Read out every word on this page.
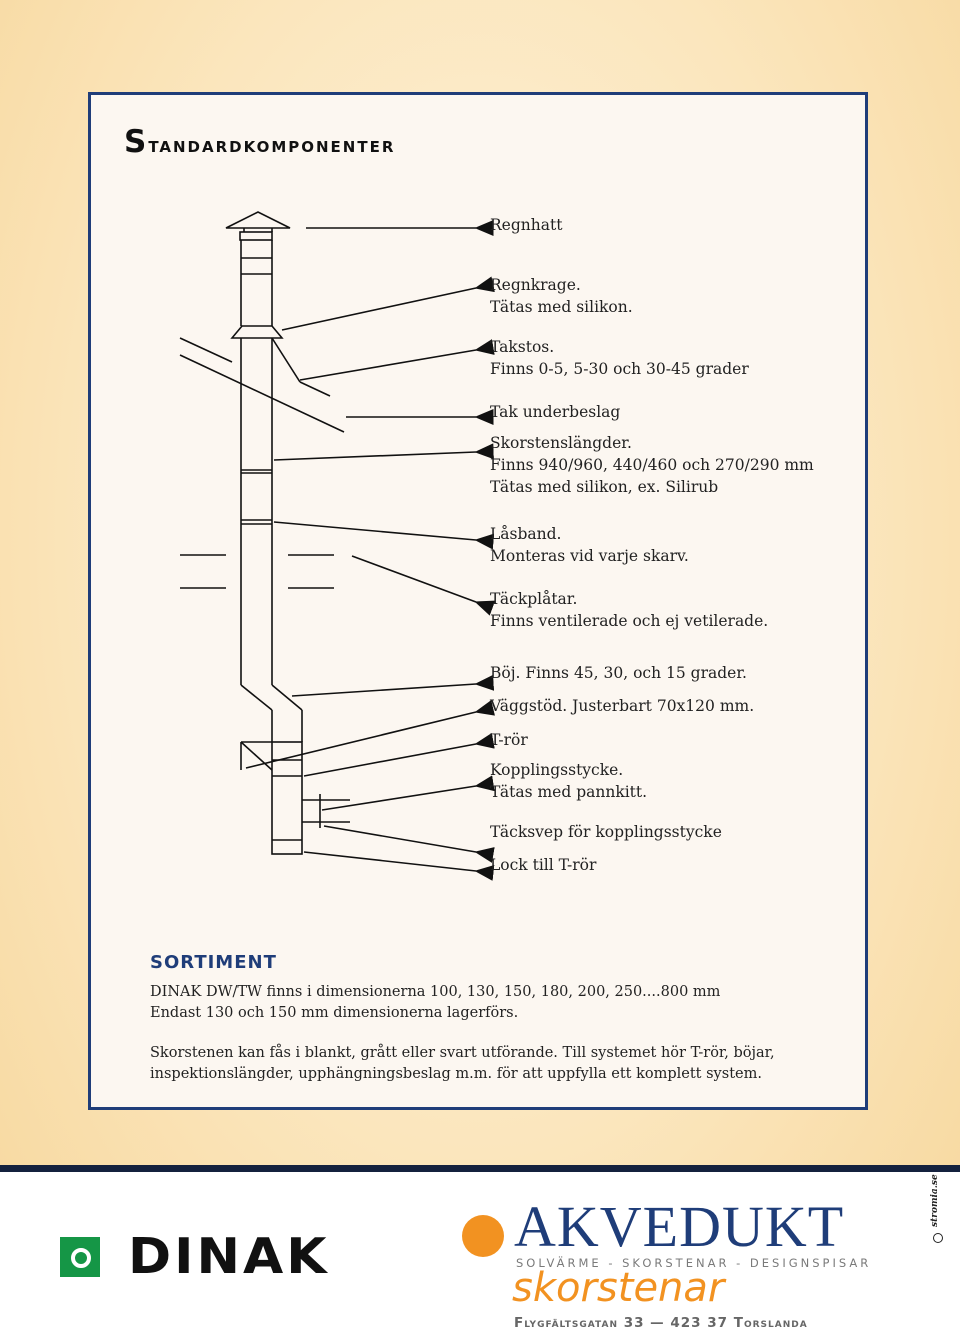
Standardkomponenter
Regnhatt
Regnkrage.
Tätas med silikon.
Takstos.
Finns 0-5, 5-30 och 30-45 grader
Tak underbeslag
Skorstenslängder.
Finns 940/960, 440/460 och 270/290 mm
Tätas med silikon, ex. Silirub
Låsband.
Monteras vid varje skarv.
Täckplåtar.
Finns ventilerade och ej vetilerade.
Böj. Finns 45, 30, och 15 grader.
Väggstöd. Justerbart 70x120 mm.
T-rör
Kopplingsstycke.
Tätas med pannkitt.
Täcksvep för kopplingsstycke
Lock till T-rör
SORTIMENT

DINAK DW/TW finns i dimensionerna 100, 130, 150, 180, 200, 250....800 mm

Endast 130 och 150 mm dimensionerna lagerförs.

Skorstenen kan fås i blankt, grått eller svart utförande. Till systemet hör T-rör, böjar,

inspektionslängder, upphängningsbeslag m.m. för att uppfylla ett komplett system.

DINAK	AKVEDUKT
SOLVÄRME - SKORSTENAR - DESIGNSPISAR
skorstenar
Flygfältsgatan 33 — 423 37 Torslanda
stromia.se
